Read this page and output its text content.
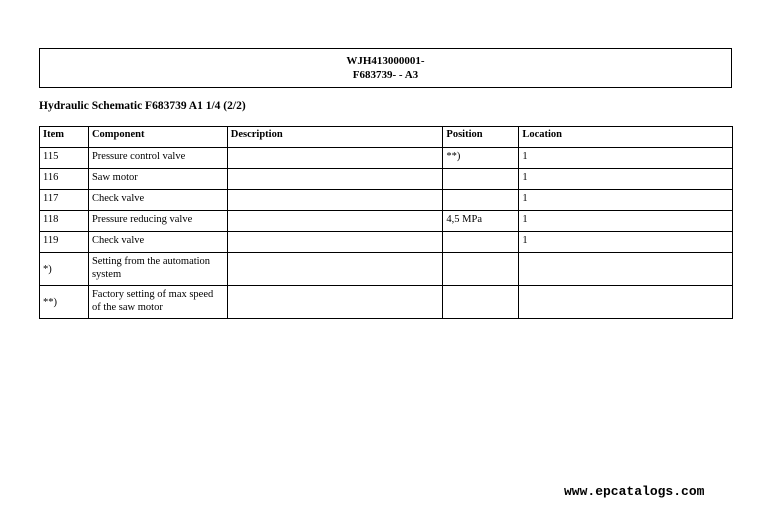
WJH413000001-
F683739- - A3
Hydraulic Schematic F683739 A1 1/4 (2/2)
Item	Component	Description	Position	Location
115	Pressure control valve		**)	1
116	Saw motor			1
117	Check valve			1
118	Pressure reducing valve		4,5 MPa	1
119	Check valve			1
*)	Setting from the automation system			
**)	Factory setting of max speed of the saw motor			
www.epcatalogs.com
